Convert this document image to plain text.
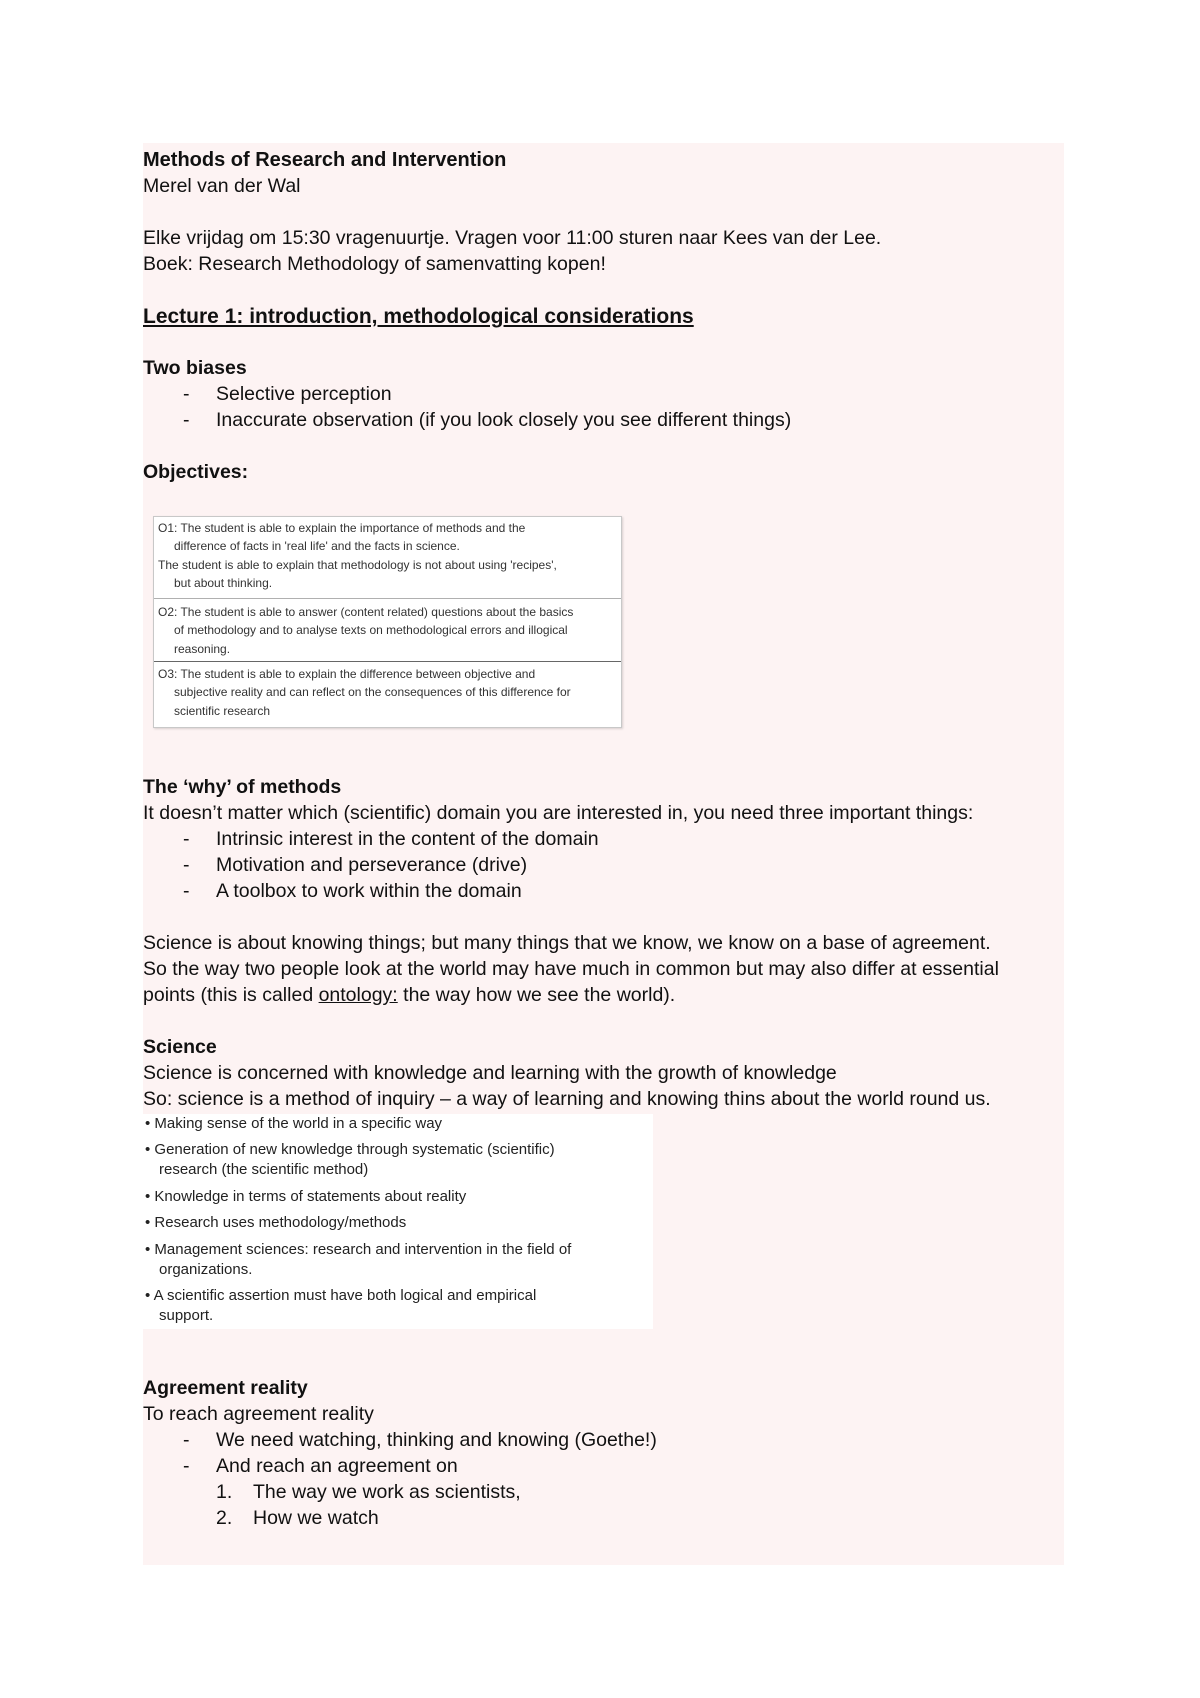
Methods of Research and Intervention
Merel van der Wal
Elke vrijdag om 15:30 vragenuurtje. Vragen voor 11:00 sturen naar Kees van der Lee.
Boek: Research Methodology of samenvatting kopen!
Lecture 1: introduction, methodological considerations
Two biases
- Selective perception
- Inaccurate observation (if you look closely you see different things)
Objectives:
O1: The student is able to explain the importance of methods and the
difference of facts in 'real life' and the facts in science.
The student is able to explain that methodology is not about using 'recipes',
but about thinking.
O2: The student is able to answer (content related) questions about the basics
of methodology and to analyse texts on methodological errors and illogical
reasoning.
O3: The student is able to explain the difference between objective and
subjective reality and can reflect on the consequences of this difference for
scientific research
The ‘why’ of methods
It doesn’t matter which (scientific) domain you are interested in, you need three important things:
- Intrinsic interest in the content of the domain
- Motivation and perseverance (drive)
- A toolbox to work within the domain
Science is about knowing things; but many things that we know, we know on a base of agreement.
So the way two people look at the world may have much in common but may also differ at essential
points (this is called ontology: the way how we see the world).
Science
Science is concerned with knowledge and learning with the growth of knowledge
So: science is a method of inquiry – a way of learning and knowing thins about the world round us.
• Making sense of the world in a specific way
• Generation of new knowledge through systematic (scientific)
research (the scientific method)
• Knowledge in terms of statements about reality
• Research uses methodology/methods
• Management sciences: research and intervention in the field of
organizations.
• A scientific assertion must have both logical and empirical
support.
Agreement reality
To reach agreement reality
- We need watching, thinking and knowing (Goethe!)
- And reach an agreement on
1. The way we work as scientists,
2. How we watch
